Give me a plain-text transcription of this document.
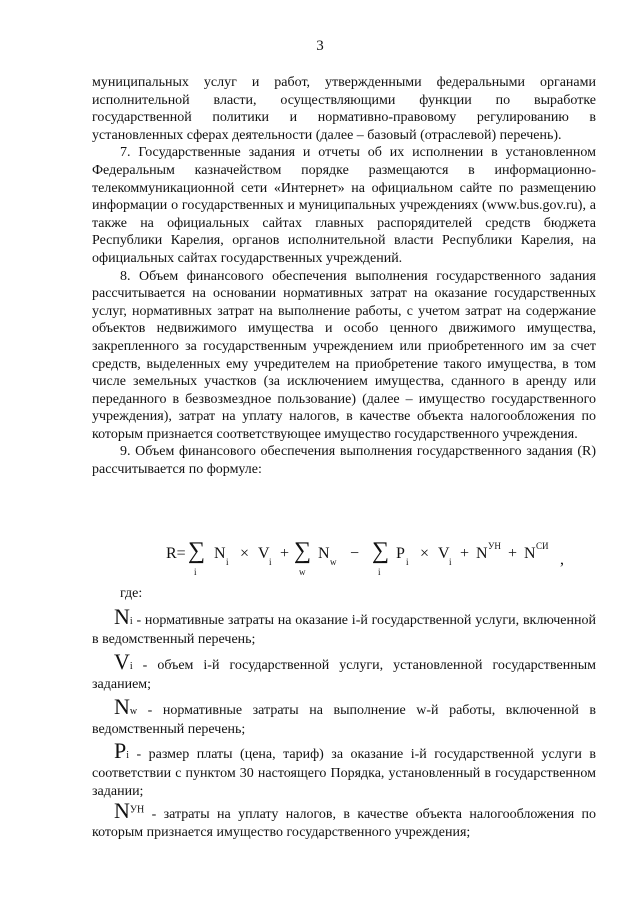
3

муниципальных услуг и работ, утвержденными федеральными органами исполнительной власти, осуществляющими функции по выработке государственной политики и нормативно-правовому регулированию в установленных сферах деятельности (далее – базовый (отраслевой) перечень).

7. Государственные задания и отчеты об их исполнении в установленном Федеральным казначейством порядке размещаются в информационно-телекоммуникационной сети «Интернет» на официальном сайте по размещению информации о государственных и муниципальных учреждениях (www.bus.gov.ru), а также на официальных сайтах главных распорядителей средств бюджета Республики Карелия, органов исполнительной власти Республики Карелия, на официальных сайтах государственных учреждений.

8. Объем финансового обеспечения выполнения государственного задания рассчитывается на основании нормативных затрат на оказание государственных услуг, нормативных затрат на выполнение работы, с учетом затрат на содержание объектов недвижимого имущества и особо ценного движимого имущества, закрепленного за государственным учреждением или приобретенного им за счет средств, выделенных ему учредителем на приобретение такого имущества, в том числе земельных участков (за исключением имущества, сданного в аренду или переданного в безвозмездное пользование) (далее – имущество государственного учреждения), затрат на уплату налогов, в качестве объекта налогообложения по которым признается соответствующее имущество государственного учреждения.

9. Объем финансового обеспечения выполнения государственного задания (R) рассчитывается по формуле:

R= ∑
i
N i × V i + ∑
w
N w − ∑
i
P i × V i + N УН + N СИ
,
где:
Ni - нормативные затраты на оказание i-й государственной услуги, включенной в ведомственный перечень;
Vi - объем i-й государственной услуги, установленной государственным заданием;
Nw - нормативные затраты на выполнение w-й работы, включенной в ведомственный перечень;
Pi - размер платы (цена, тариф) за оказание i-й государственной услуги в соответствии с пунктом 30 настоящего Порядка, установленный в государственном задании;
$N^{УН}$ - затраты на уплату налогов, в качестве объекта налогообложения по которым признается имущество государственного учреждения;
